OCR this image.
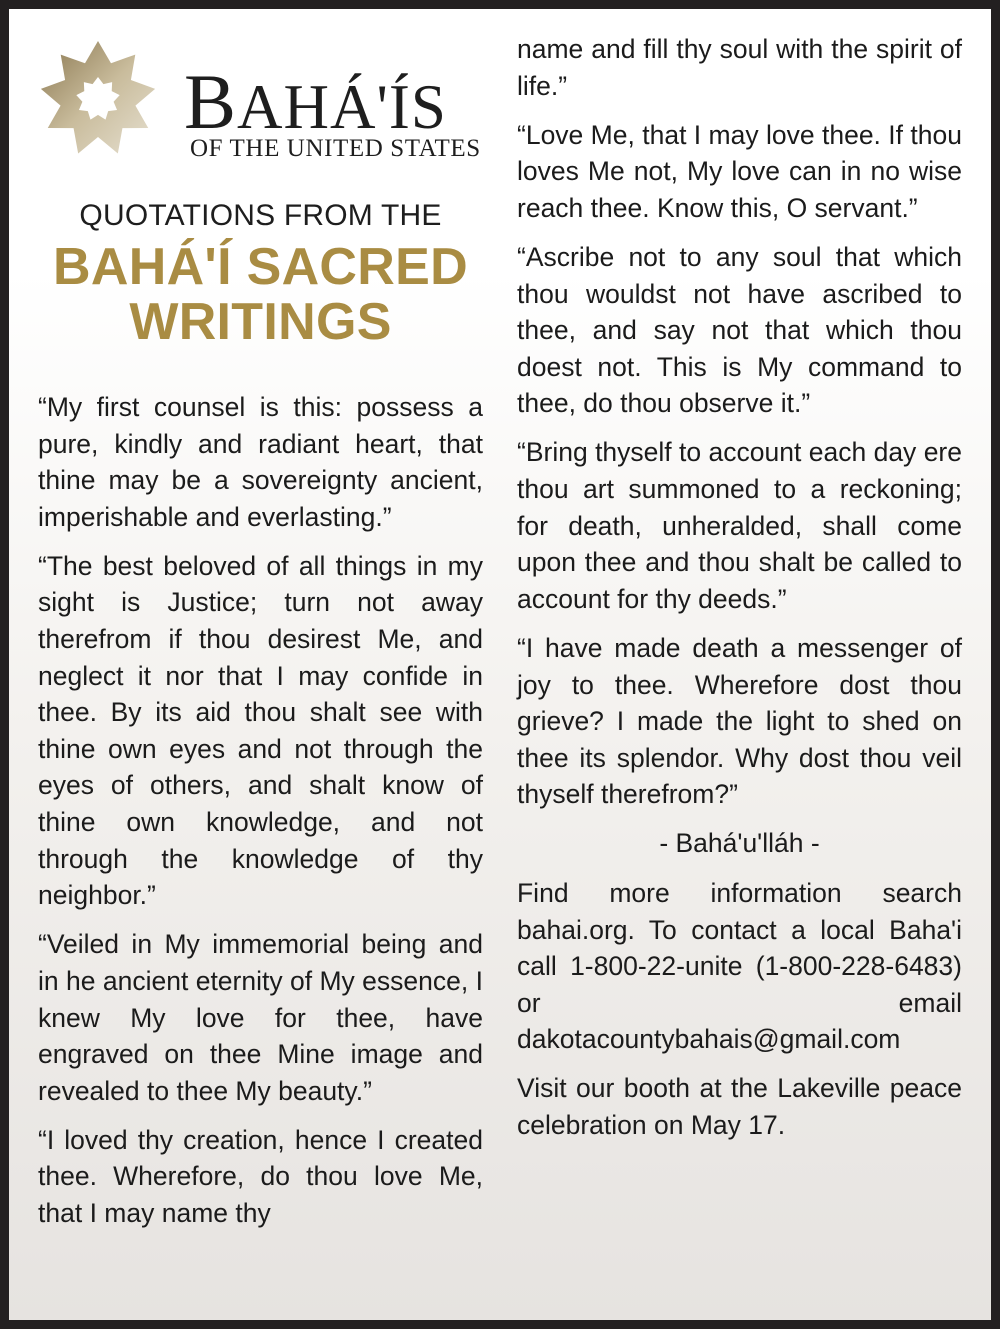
BAHÁ'ÍS
OF THE UNITED STATES
QUOTATIONS FROM THE
BAHÁ'Í SACRED
WRITINGS

“My first counsel is this: possess a pure, kindly and radiant heart, that thine may be a sovereignty ancient, imperishable and everlasting.”

“The best beloved of all things in my sight is Justice; turn not away therefrom if thou desirest Me, and neglect it nor that I may confide in thee. By its aid thou shalt see with thine own eyes and not through the eyes of others, and shalt know of thine own knowledge, and not through the knowledge of thy neighbor.”

“Veiled in My immemorial being and in he ancient eternity of My essence, I knew My love for thee, have engraved on thee Mine image and revealed to thee My beauty.”

“I loved thy creation, hence I created thee. Wherefore, do thou love Me, that I may name thy

name and fill thy soul with the spirit of life.”

“Love Me, that I may love thee. If thou loves Me not, My love can in no wise reach thee. Know this, O servant.”

“Ascribe not to any soul that which thou wouldst not have ascribed to thee, and say not that which thou doest not. This is My command to thee, do thou observe it.”

“Bring thyself to account each day ere thou art summoned to a reckoning; for death, unheralded, shall come upon thee and thou shalt be called to account for thy deeds.”

“I have made death a messenger of joy to thee. Wherefore dost thou grieve? I made the light to shed on thee its splendor. Why dost thou veil thyself therefrom?”

- Bahá'u'lláh -

Find more information search bahai.org. To contact a local Baha'i call 1-800-22-unite (1-800-228-6483) or email dakotacountybahais@gmail.com

Visit our booth at the Lakeville peace celebration on May 17.
